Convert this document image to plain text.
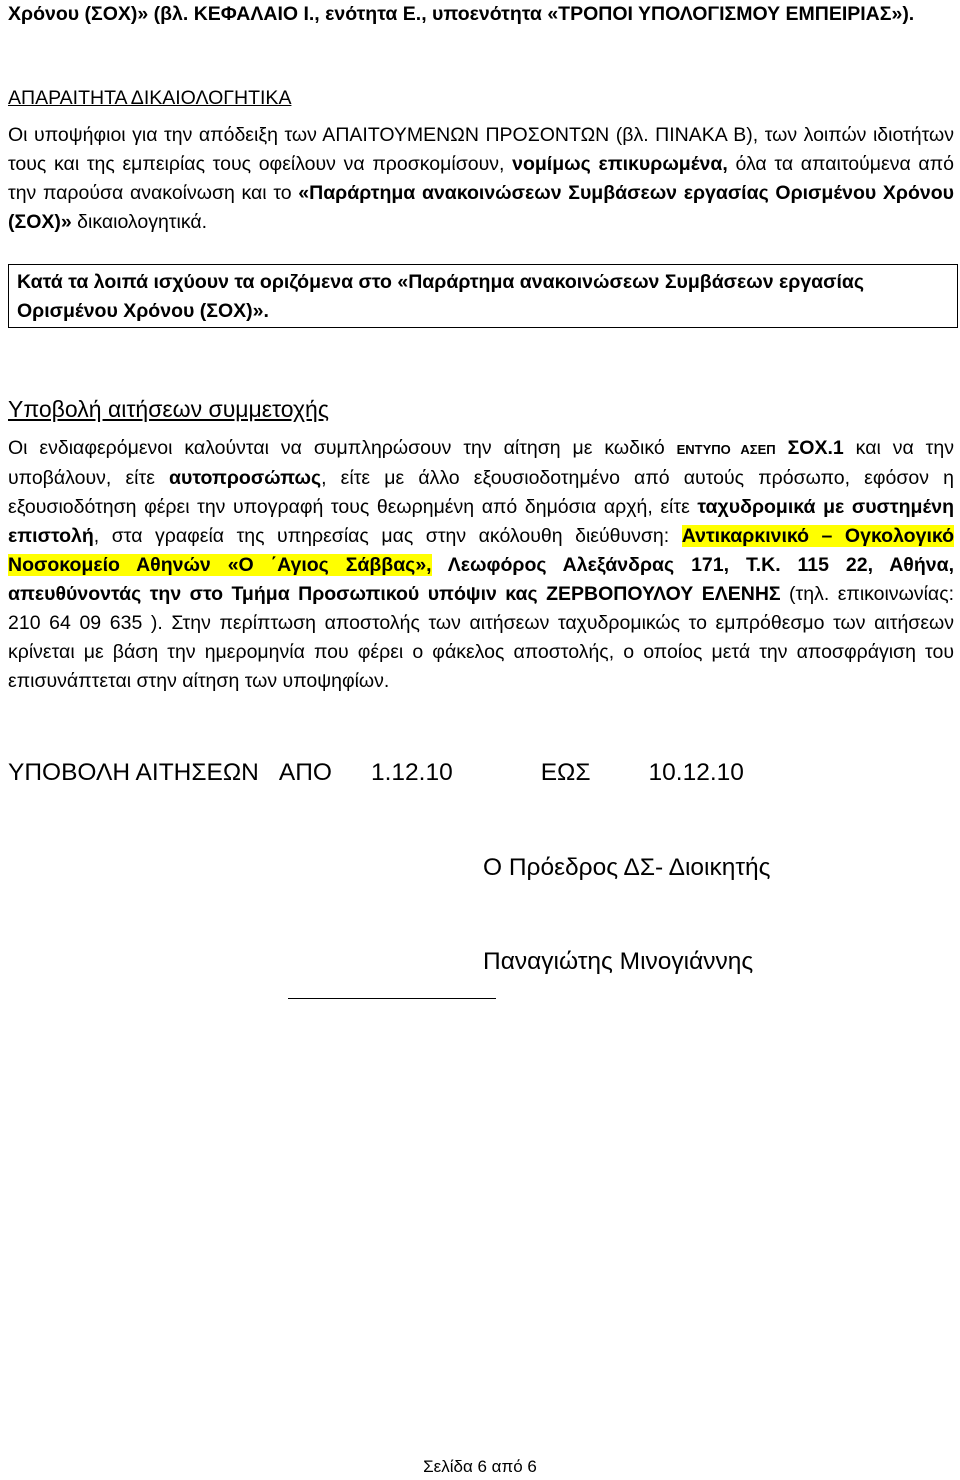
Χρόνου (ΣΟΧ)» (βλ. ΚΕΦΑΛΑΙΟ Ι., ενότητα Ε., υποενότητα «ΤΡΟΠΟΙ ΥΠΟΛΟΓΙΣΜΟΥ ΕΜΠΕΙΡΙΑΣ»).

ΑΠΑΡΑΙΤΗΤΑ ΔΙΚΑΙΟΛΟΓΗΤΙΚΑ

Οι υποψήφιοι για την απόδειξη των ΑΠΑΙΤΟΥΜΕΝΩΝ ΠΡΟΣΟΝΤΩΝ (βλ. ΠΙΝΑΚΑ Β), των λοιπών ιδιοτήτων τους και της εμπειρίας τους οφείλουν να προσκομίσουν, νομίμως επικυρωμένα, όλα τα απαιτούμενα από την παρούσα ανακοίνωση και το «Παράρτημα ανακοινώσεων Συμβάσεων εργασίας Ορισμένου Χρόνου (ΣΟΧ)» δικαιολογητικά.

Κατά τα λοιπά ισχύουν τα οριζόμενα στο «Παράρτημα ανακοινώσεων Συμβάσεων εργασίας Ορισμένου Χρόνου (ΣΟΧ)».

Υποβολή αιτήσεων συμμετοχής

Οι ενδιαφερόμενοι καλούνται να συμπληρώσουν την αίτηση με κωδικό ΕΝΤΥΠΟ ΑΣΕΠ ΣΟΧ.1 και να την υποβάλουν, είτε αυτοπροσώπως, είτε με άλλο εξουσιοδοτημένο από αυτούς πρόσωπο, εφόσον η εξουσιοδότηση φέρει την υπογραφή τους θεωρημένη από δημόσια αρχή, είτε ταχυδρομικά με συστημένη επιστολή, στα γραφεία της υπηρεσίας μας στην ακόλουθη διεύθυνση: Αντικαρκινικό – Ογκολογικό Νοσοκομείο Αθηνών «Ο ΄Αγιος Σάββας», Λεωφόρος Αλεξάνδρας 171, Τ.Κ. 115 22, Αθήνα, απευθύνοντάς την στο Τμήμα Προσωπικού υπόψιν κας ΖΕΡΒΟΠΟΥΛΟΥ ΕΛΕΝΗΣ (τηλ. επικοινωνίας: 210 64 09 635 ). Στην περίπτωση αποστολής των αιτήσεων ταχυδρομικώς το εμπρόθεσμο των αιτήσεων κρίνεται με βάση την ημερομηνία που φέρει ο φάκελος αποστολής, ο οποίος μετά την αποσφράγιση του επισυνάπτεται στην αίτηση των υποψηφίων.

ΥΠΟΒΟΛΗ ΑΙΤΗΣΕΩΝ ΑΠΟ 1.12.10	ΕΩΣ 10.12.10

Ο Πρόεδρος ΔΣ- Διοικητής

Παναγιώτης Μινογιάννης

Σελίδα 6 από 6
